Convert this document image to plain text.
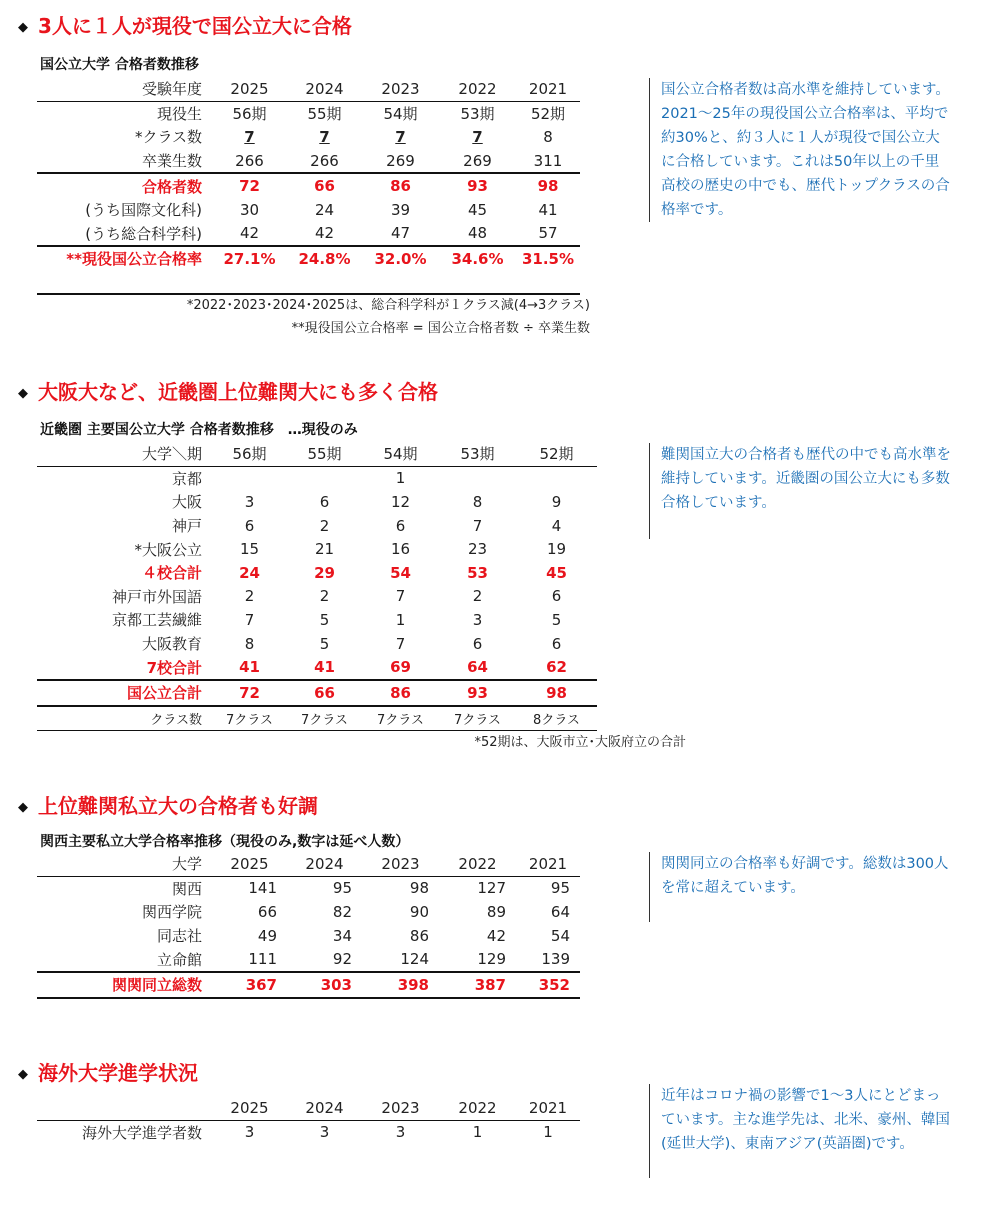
◆ 3人に１人が現役で国公立大に合格
国公立大学 合格者数推移
受験年度	2025	2024	2023	2022	2021
現役生	56期	55期	54期	53期	52期
*クラス数	7	7	7	7	8
卒業生数	266	266	269	269	311
合格者数	72	66	86	93	98
(うち国際文化科)	30	24	39	45	41
(うち総合科学科)	42	42	47	48	57
**現役国公立合格率	27.1%	24.8%	32.0%	34.6%	31.5%

*2022･2023･2024･2025は、総合科学科が１クラス減(4→3クラス)
**現役国公立合格率 = 国公立合格者数 ÷ 卒業生数
国公立合格者数は高水準を維持しています。2021～25年の現役国公立合格率は、平均で約30%と、約３人に１人が現役で国公立大に合格しています。これは50年以上の千里高校の歴史の中でも、歴代トップクラスの合格率です。
◆ 大阪大など、近畿圏上位難関大にも多く合格
近畿圏 主要国公立大学 合格者数推移　…現役のみ
大学＼期	56期	55期	54期	53期	52期
京都			1		
大阪	3	6	12	8	9
神戸	6	2	6	7	4
*大阪公立	15	21	16	23	19
４校合計	24	29	54	53	45
神戸市外国語	2	2	7	2	6
京都工芸繊維	7	5	1	3	5
大阪教育	8	5	7	6	6
7校合計	41	41	69	64	62
国公立合計	72	66	86	93	98
クラス数	7クラス	7クラス	7クラス	7クラス	8クラス
*52期は、大阪市立･大阪府立の合計
難関国立大の合格者も歴代の中でも高水準を維持しています。近畿圏の国公立大にも多数合格しています。
◆ 上位難関私立大の合格者も好調
関西主要私立大学合格率推移（現役のみ,数字は延べ人数）
大学	2025	2024	2023	2022	2021
関西	141	95	98	127	95
関西学院	66	82	90	89	64
同志社	49	34	86	42	54
立命館	111	92	124	129	139
関関同立総数	367	303	398	387	352
関関同立の合格率も好調です。総数は300人を常に超えています。
◆ 海外大学進学状況
	2025	2024	2023	2022	2021
海外大学進学者数	3	3	3	1	1
近年はコロナ禍の影響で1～3人にとどまっています。主な進学先は、北米、豪州、韓国(延世大学)、東南アジア(英語圏)です。
